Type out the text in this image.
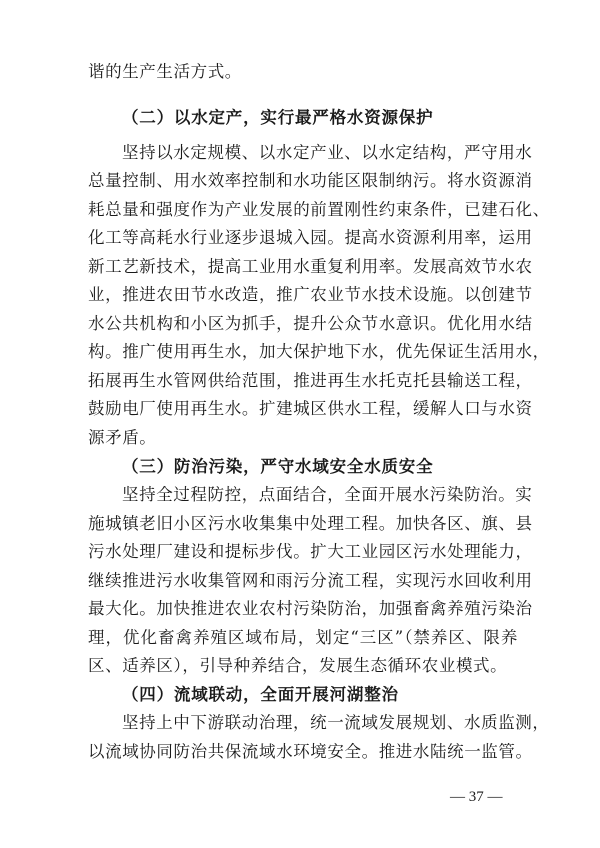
谐的生产生活方式。
（二）以水定产，实行最严格水资源保护
坚持以水定规模、以水定产业、以水定结构，严守用水
总量控制、用水效率控制和水功能区限制纳污。将水资源消
耗总量和强度作为产业发展的前置刚性约束条件，已建石化、
化工等高耗水行业逐步退城入园。提高水资源利用率，运用
新工艺新技术，提高工业用水重复利用率。发展高效节水农
业，推进农田节水改造，推广农业节水技术设施。以创建节
水公共机构和小区为抓手，提升公众节水意识。优化用水结
构。推广使用再生水，加大保护地下水，优先保证生活用水，
拓展再生水管网供给范围，推进再生水托克托县输送工程，
鼓励电厂使用再生水。扩建城区供水工程，缓解人口与水资
源矛盾。
（三）防治污染，严守水域安全水质安全
坚持全过程防控，点面结合，全面开展水污染防治。实
施城镇老旧小区污水收集集中处理工程。加快各区、旗、县
污水处理厂建设和提标步伐。扩大工业园区污水处理能力，
继续推进污水收集管网和雨污分流工程，实现污水回收利用
最大化。加快推进农业农村污染防治，加强畜禽养殖污染治
理，优化畜禽养殖区域布局，划定“三区”（禁养区、限养
区、适养区），引导种养结合，发展生态循环农业模式。
（四）流域联动，全面开展河湖整治
坚持上中下游联动治理，统一流域发展规划、水质监测，
以流域协同防治共保流域水环境安全。推进水陆统一监管。
— 37 —
